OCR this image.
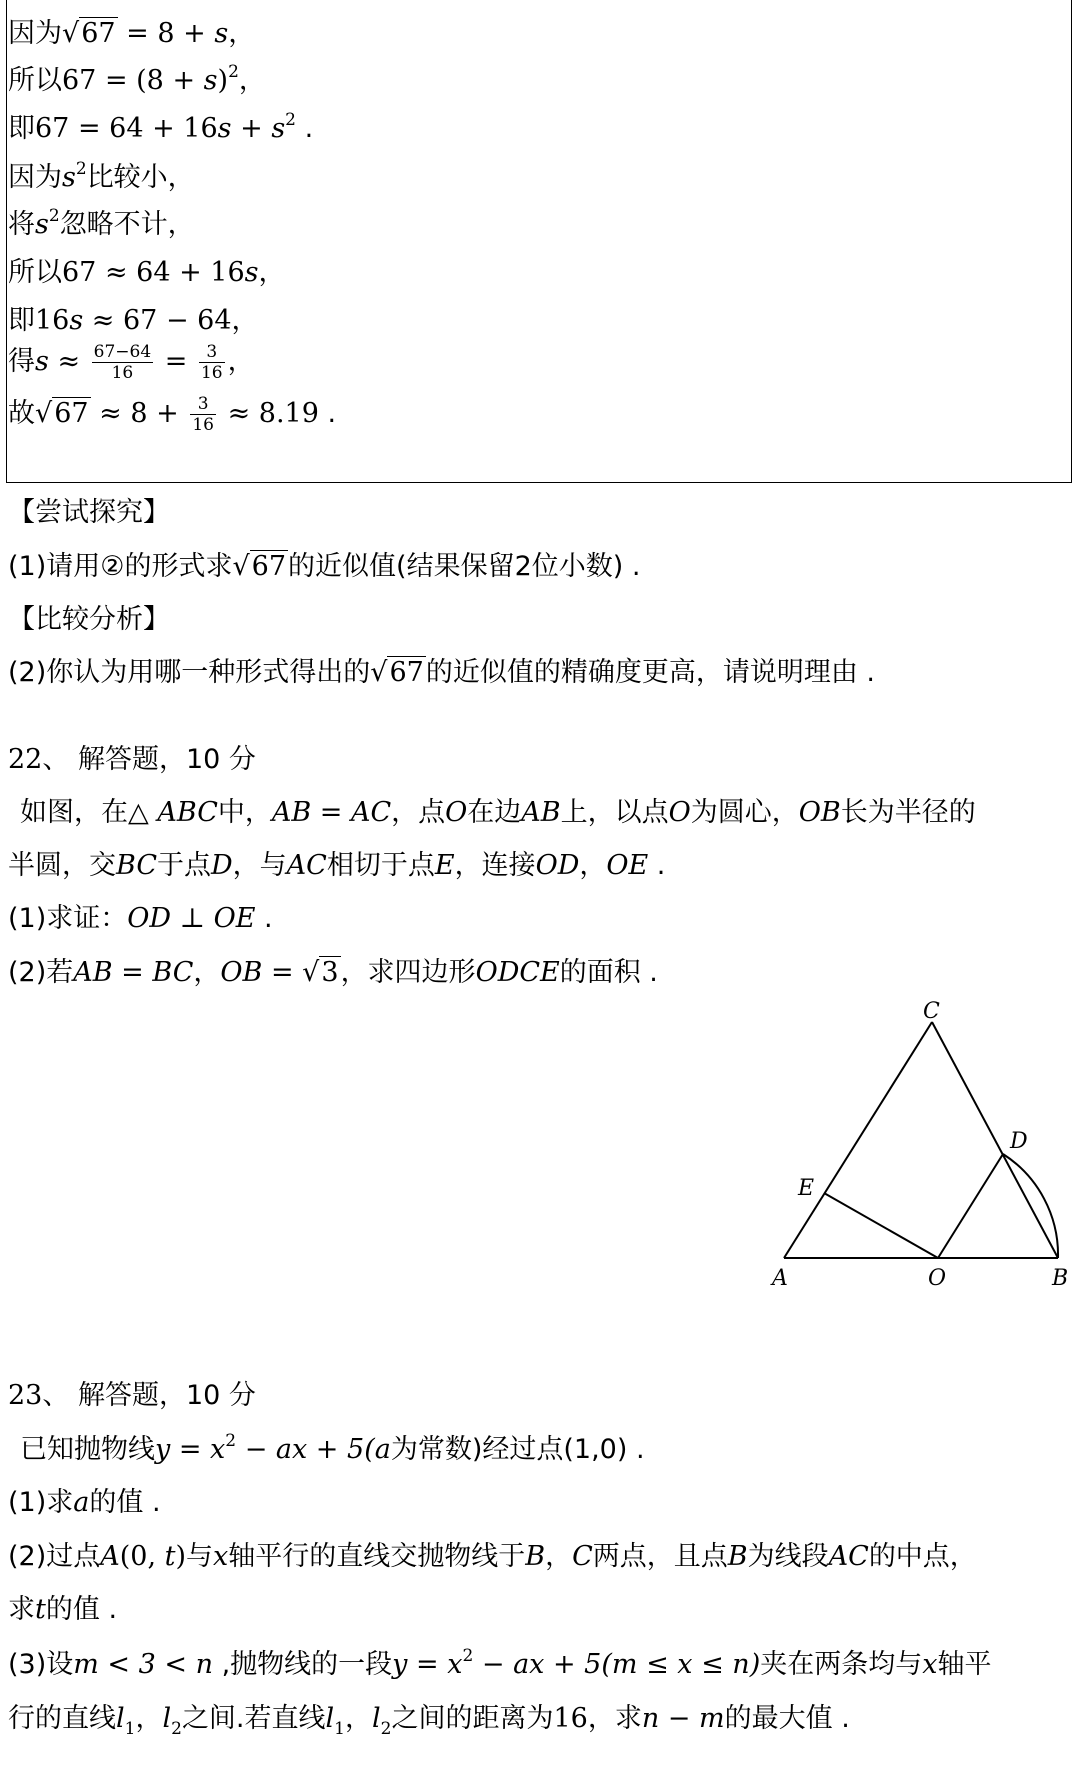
因为√67 = 8 + s，
所以$67 = (8 + s)^2$，
即$67 = 64 + 16s + s^2$ .
因为$s^2$比较小，
将$s^2$忽略不计，
所以67 ≈ 64 + 16s，
即16s ≈ 67 − 64，
得$s \approx \frac{67-64}{16} = \frac{3}{16}$ ，
故$√67 \approx 8 + \frac{3}{16} \approx 8.19$ .
【尝试探究】
(1)请用②的形式求√67的近似值(结果保留2位小数) .
【比较分析】
(2)你认为用哪一种形式得出的√67的近似值的精确度更高，请说明理由 .
22、 解答题，10 分
如图，在△ ABC中，AB = AC，点O在边AB上，以点O为圆心，OB长为半径的
半圆，交BC于点D，与AC相切于点E，连接OD，OE .
(1)求证：OD ⊥ OE .
(2)若AB = BC，OB = √3，求四边形ODCE的面积 .
A	O	B
C
D
E
23、 解答题，10 分
已知抛物线$y = x^2$ − ax + 5(a为常数)经过点(1,0) .
(1)求a的值 .
(2)过点A(0, t)与x轴平行的直线交抛物线于B，C两点，且点B为线段AC的中点，
求t的值 .
(3)设m < 3 < n ,抛物线的一段$y = x^2$ − ax + 5(m ≤ x ≤ n)夹在两条均与x轴平
行的直线$l_1$，$l_2$之间.若直线$l_1$，$l_2$之间的距离为16，求n − m的最大值 .
